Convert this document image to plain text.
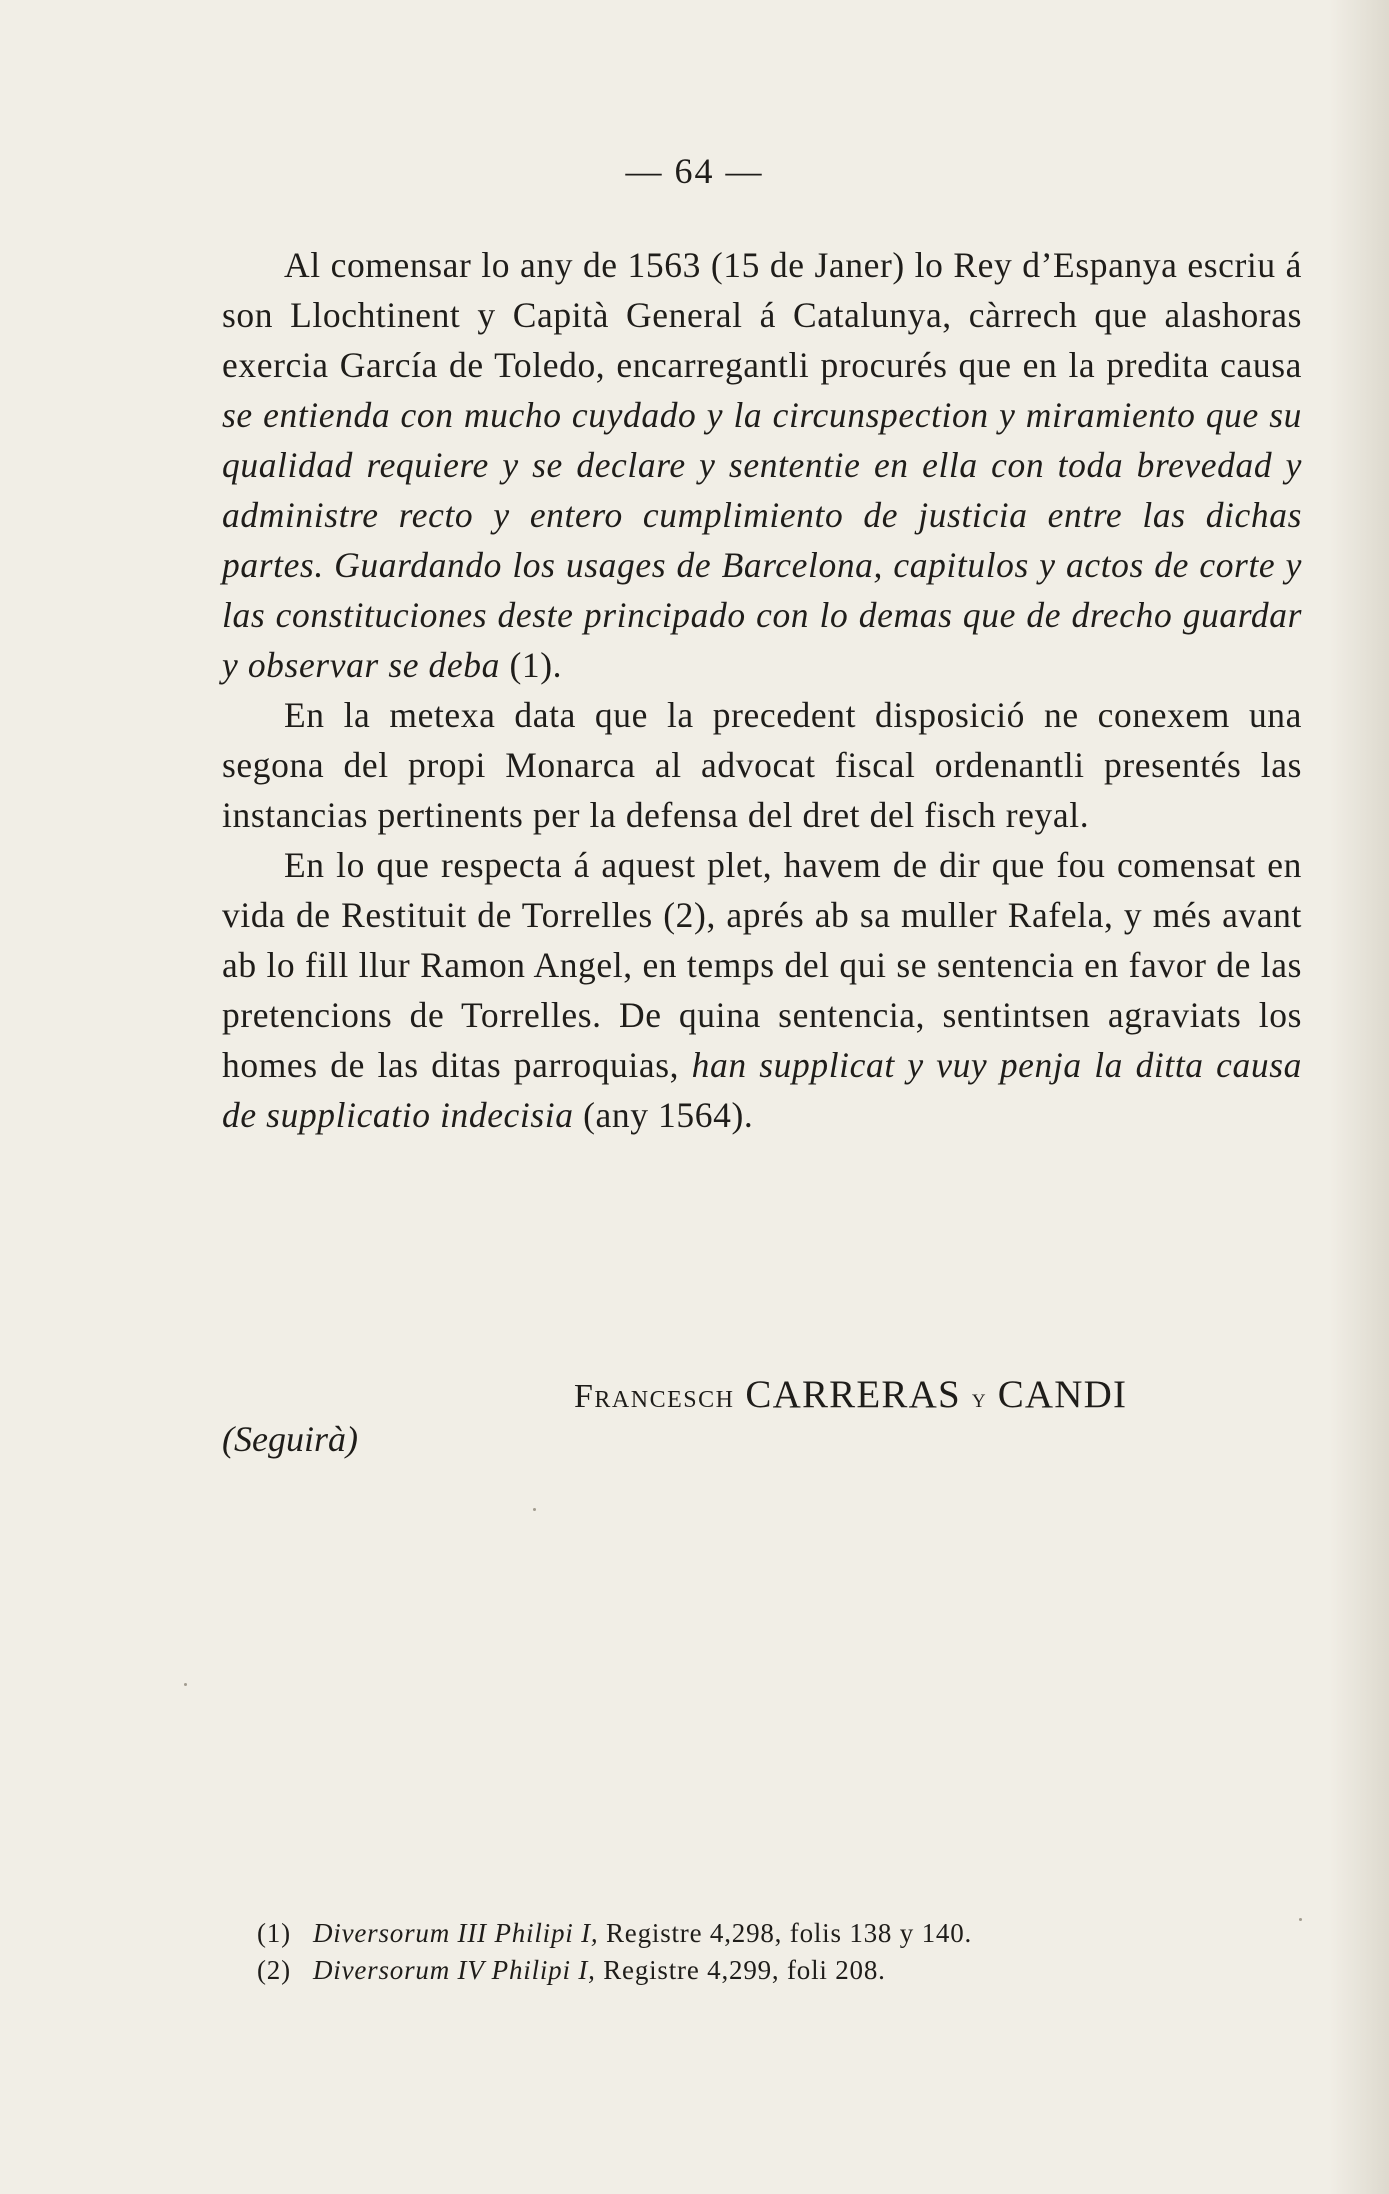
— 64 —

Al comensar lo any de 1563 (15 de Janer) lo Rey d’Espanya escriu á son Llochtinent y Capità General á Catalunya, càrrech que alashoras exercia García de Toledo, encarregantli procurés que en la predita causa se entienda con mucho cuydado y la circunspection y miramiento que su qualidad requiere y se declare y sententie en ella con toda brevedad y administre recto y entero cumplimiento de justicia entre las dichas partes. Guardando los usages de Barcelona, capitulos y actos de corte y las constituciones deste principado con lo demas que de drecho guardar y observar se deba (1).

En la metexa data que la precedent disposició ne conexem una segona del propi Monarca al advocat fiscal ordenantli presentés las instancias pertinents per la defensa del dret del fisch reyal.

En lo que respecta á aquest plet, havem de dir que fou comensat en vida de Restituit de Torrelles (2), aprés ab sa muller Rafela, y més avant ab lo fill llur Ramon Angel, en temps del qui se sentencia en favor de las pretencions de Torrelles. De quina sentencia, sentintsen agraviats los homes de las ditas parroquias, han supplicat y vuy penja la ditta causa de supplicatio indecisia (any 1564).

Francesch CARRERAS y CANDI
(Seguirà)
(1) Diversorum III Philipi I, Registre 4,298, folis 138 y 140.
(2) Diversorum IV Philipi I, Registre 4,299, foli 208.
